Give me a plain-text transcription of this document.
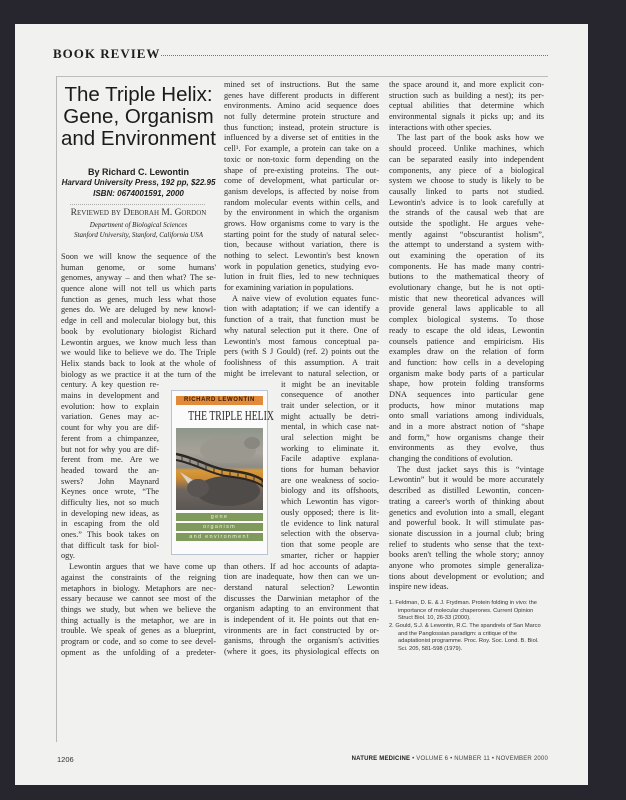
BOOK REVIEW
The Triple Helix:
Gene, Organism
and Environment
By Richard C. Lewontin
Harvard University Press, 192 pp, $22.95
ISBN: 0674001591, 2000
Reviewed by Deborah M. Gordon
Department of Biological Sciences
Stanford University, Stanford, California USA
Soon we will know the sequence of the
human genome, or some humans'
genomes, anyway – and then what? The se-
quence alone will not tell us which parts
function as genes, much less what those
genes do. We are deluged by new knowl-
edge in cell and molecular biology but, this
book by evolutionary biologist Richard
Lewontin argues, we know much less than
we would like to believe we do. The Triple
Helix stands back to look at the whole of
biology as we practice it at the turn of the
century. A key question re-
mains in development and
evolution: how to explain
variation. Genes may ac-
count for why you are dif-
ferent from a chimpanzee,
but not for why you are dif-
ferent from me. Are we
headed toward the an-
swers? John Maynard
Keynes once wrote, “The
difficulty lies, not so much
in developing new ideas, as
in escaping from the old
ones.” This book takes on
that difficult task for biol-
ogy.
Lewontin argues that we have come up
against the constraints of the reigning
metaphors in biology. Metaphors are nec-
essary because we cannot see most of the
things we study, but when we believe the
thing actually is the metaphor, we are in
trouble. We speak of genes as a blueprint,
program or code, and so come to see devel-
opment as the unfolding of a predeter-
mined set of instructions. But the same
genes have different products in different
environments. Amino acid sequence does
not fully determine protein structure and
thus function; instead, protein structure is
influenced by a diverse set of entities in the
cell¹. For example, a protein can take on a
toxic or non-toxic form depending on the
shape of pre-existing proteins. The out-
come of development, what particular or-
ganism develops, is affected by noise from
random molecular events within cells, and
by the environment in which the organism
grows. How organisms come to vary is the
starting point for the study of natural selec-
tion, because without variation, there is
nothing to select. Lewontin's best known
work in population genetics, studying evo-
lution in fruit flies, led to new techniques
for examining variation in populations.
A naive view of evolution equates func-
tion with adaptation; if we can identify a
function of a trait, that function must be
why natural selection put it there. One of
Lewontin's most famous conceptual pa-
pers (with S J Gould) (ref. 2) points out the
foolishness of this assumption. A trait
might be irrelevant to natural selection, or
it might be an inevitable
consequence of another
trait under selection, or it
might actually be detri-
mental, in which case nat-
ural selection might be
working to eliminate it.
Facile adaptive explana-
tions for human behavior
are one weakness of socio-
biology and its offshoots,
which Lewontin has vigor-
ously opposed; there is lit-
tle evidence to link natural
selection with the observa-
tion that some people are
smarter, richer or happier
than others. If ad hoc accounts of adapta-
tion are inadequate, how then can we un-
derstand natural selection? Lewontin
discusses the Darwinian metaphor of the
organism adapting to an environment that
is independent of it. He points out that en-
vironments are in fact constructed by or-
ganisms, through the organism's activities
(where it goes, its physiological effects on
the space around it, and more explicit con-
struction such as building a nest); its per-
ceptual abilities that determine which
environmental signals it picks up; and its
interactions with other species.
The last part of the book asks how we
should proceed. Unlike machines, which
can be separated easily into independent
components, any piece of a biological
system we choose to study is likely to be
causally linked to parts not studied.
Lewontin's advice is to look carefully at
the strands of the causal web that are
outside the spotlight. He argues vehe-
mently against “obscurantist holism”,
the attempt to understand a system with-
out examining the operation of its
components. He has made many contri-
butions to the mathematical theory of
evolutionary change, but he is not opti-
mistic that new theoretical advances will
provide general laws applicable to all
complex biological systems. To those
ready to escape the old ideas, Lewontin
counsels patience and empiricism. His
examples draw on the relation of form
and function: how cells in a developing
organism make body parts of a particular
shape, how protein folding transforms
DNA sequences into particular gene
products, how minor mutations map
onto small variations among individuals,
and in a more abstract notion of “shape
and form,” how organisms change their
environments as they evolve, thus
changing the conditions of evolution.
The dust jacket says this is “vintage
Lewontin” but it would be more accurately
described as distilled Lewontin, concen-
trating a career's worth of thinking about
genetics and evolution into a small, elegant
and powerful book. It will stimulate pas-
sionate discussion in a journal club; bring
relief to students who sense that the text-
books aren't telling the whole story; annoy
anyone who promotes simple generaliza-
tions about development or evolution; and
inspire new ideas.
RICHARD LEWONTIN
THE TRIPLE HELIX
gene
organism
and environment
1. Feldman, D. E. & J. Frydman. Protein folding in vivo: the importance of molecular chaperones. Current Opinion Struct Biol. 10, 26-33 (2000).
2. Gould, S.J. & Lewontin, R.C. The spandrels of San Marco and the Panglossian paradigm: a critique of the adaptationist programme. Proc. Roy. Soc. Lond. B. Biol. Sci. 205, 581-598 (1979).
1206	NATURE MEDICINE • VOLUME 6 • NUMBER 11 • NOVEMBER 2000
